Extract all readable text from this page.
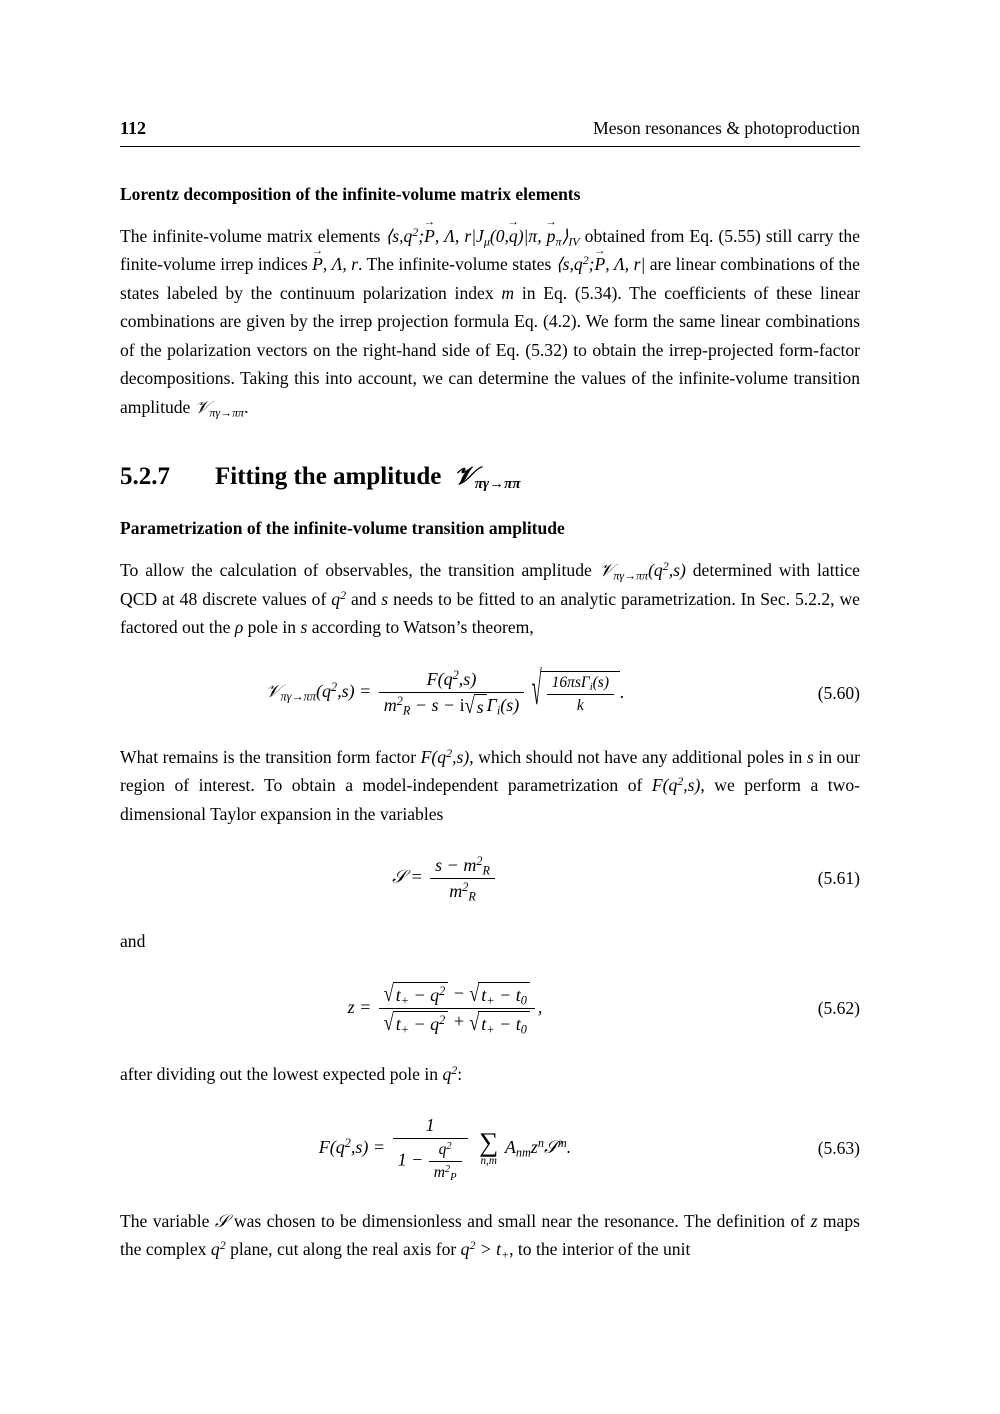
112	Meson resonances & photoproduction
Lorentz decomposition of the infinite-volume matrix elements

The infinite-volume matrix elements $⟨s,q^2;P$ →, Λ, $r|J_\mu(0,q \to)|\pi$, $p \to_\pi⟩_{IV}$ obtained from Eq. (5.55) still carry the finite-volume irrep indices P →, Λ, r. The infinite-volume states $⟨s,q^2;P$ →, Λ, r| are linear combinations of the states labeled by the continuum polarization index m in Eq. (5.34). The coefficients of these linear combinations are given by the irrep projection formula Eq. (4.2). We form the same linear combinations of the polarization vectors on the right-hand side of Eq. (5.32) to obtain the irrep-projected form-factor decompositions. Taking this into account, we can determine the values of the infinite-volume transition amplitude 𝒱$_{\pi\gamma\to\pi\pi}$.

5.2.7	Fitting the amplitude 𝒱$_{\pi\gamma\to\pi\pi}$
Parametrization of the infinite-volume transition amplitude

To allow the calculation of observables, the transition amplitude $𝒱_{\pi\gamma\to\pi\pi}(q^2,s)$ determined with lattice QCD at 48 discrete values of $q^2$ and s needs to be fitted to an analytic parametrization. In Sec. 5.2.2, we factored out the ρ pole in s according to Watson’s theorem,

$𝒱_{\pi\gamma\to\pi\pi}(q^2,s) = \frac{F(q^2,s)}{m^2_R - s - i√ s \Gamma_i(s)}$ √ $\frac{16\pi s\Gamma_i(s)}{k}$ .	(5.60)

What remains is the transition form factor $F(q^2,s)$, which should not have any additional poles in s in our region of interest. To obtain a model-independent parametrization of $F(q^2,s)$, we perform a two-dimensional Taylor expansion in the variables

𝒮 = $\frac{s - m^2_R}{m^2_R}$	(5.61)

and

$z = \frac{√ t_+ - q^2 - √ t_+ - t_0}{√ t_+ - q^2 + √ t_+ - t_0}$ ,	(5.62)

after dividing out the lowest expected pole in $q^2$:

$F(q^2,s) = \frac{1}{1 - \frac{q^2}{m^2_P}}$
∑
n,m
$A_{nm}z^n𝒮^m$.	(5.63)

The variable 𝒮 was chosen to be dimensionless and small near the resonance. The definition of z maps the complex $q^2$ plane, cut along the real axis for $q^2 > t_+$, to the interior of the unit
